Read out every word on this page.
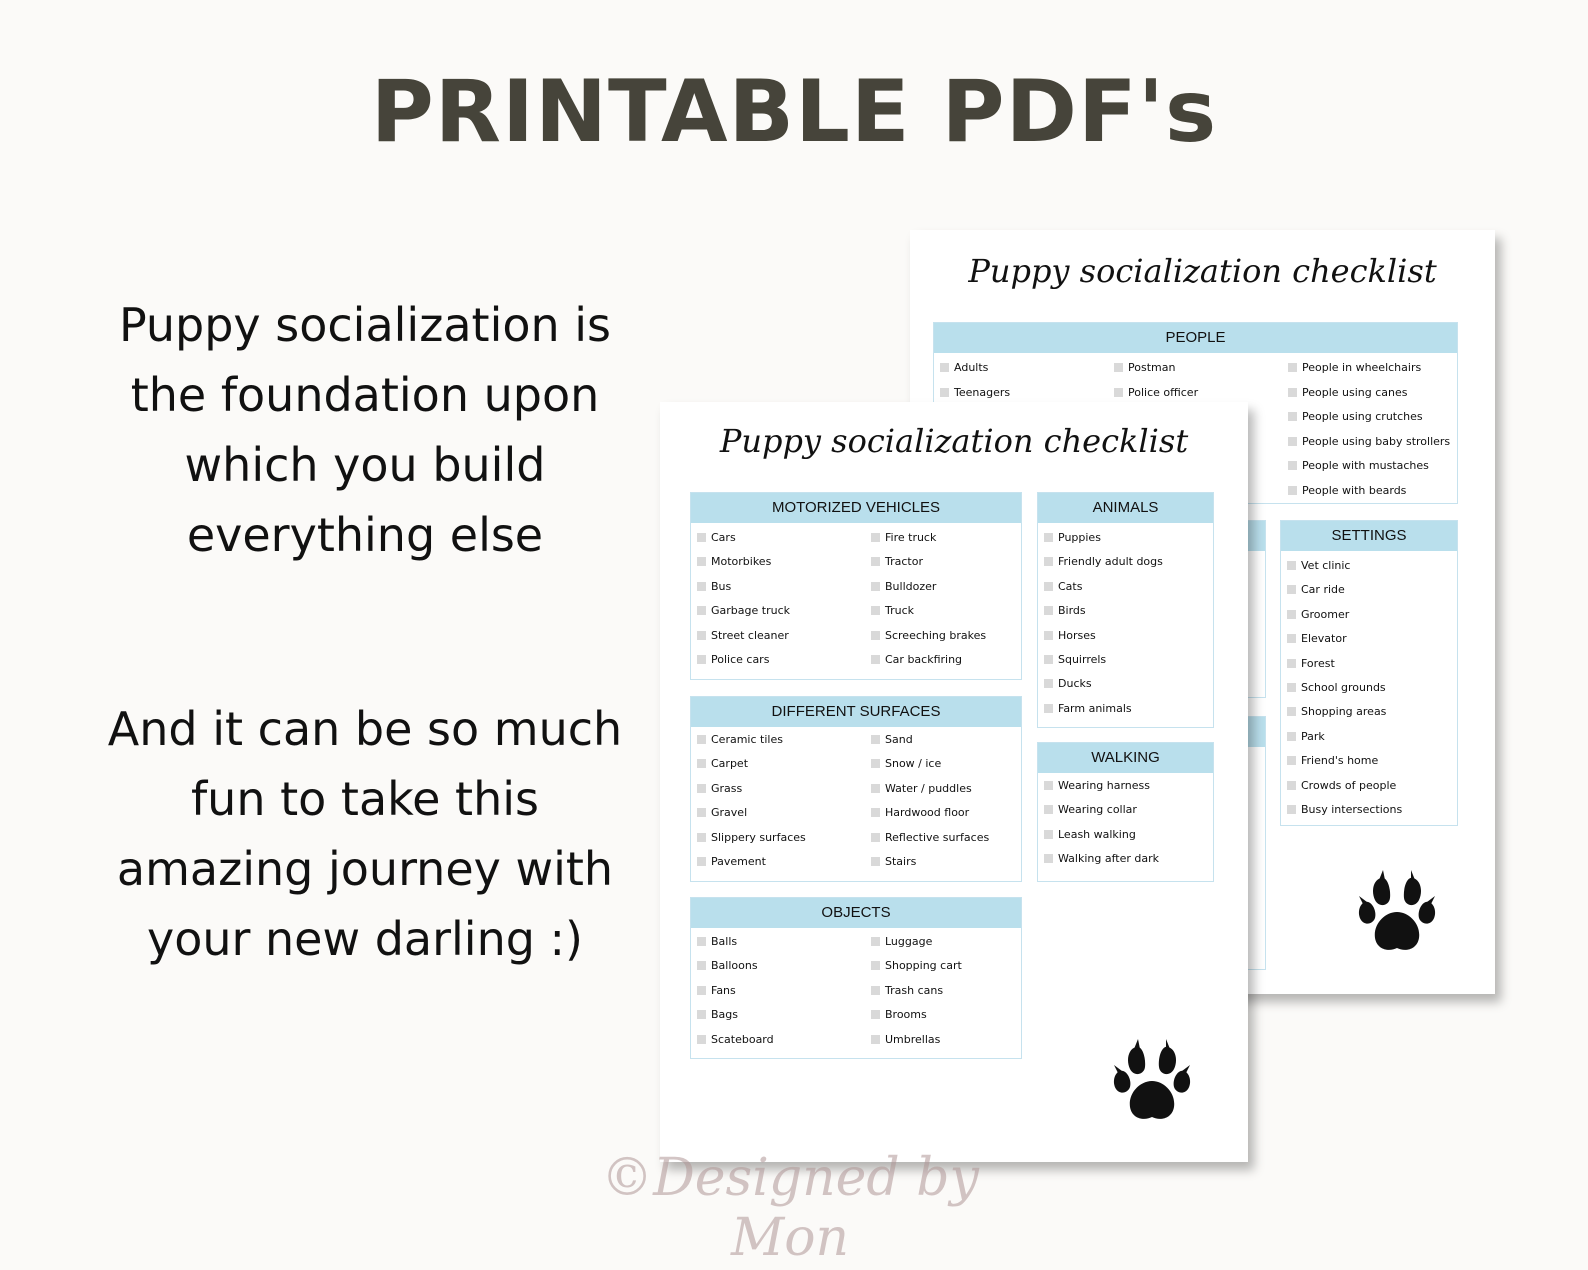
PRINTABLE PDF's
Puppy socialization is
the foundation upon
which you build
everything else
And it can be so much
fun to take this
amazing journey with
your new darling :)
Puppy socialization checklist
PEOPLE
Adults
Teenagers
Postman
Police officer
People in wheelchairs
People using canes
People using crutches
People using baby strollers
People with mustaches
People with beards
SETTINGS
Vet clinic
Car ride
Groomer
Elevator
Forest
School grounds
Shopping areas
Park
Friend's home
Crowds of people
Busy intersections
Puppy socialization checklist
MOTORIZED VEHICLES
Cars
Motorbikes
Bus
Garbage truck
Street cleaner
Police cars
Fire truck
Tractor
Bulldozer
Truck
Screeching brakes
Car backfiring
ANIMALS
Puppies
Friendly adult dogs
Cats
Birds
Horses
Squirrels
Ducks
Farm animals
DIFFERENT SURFACES
Ceramic tiles
Carpet
Grass
Gravel
Slippery surfaces
Pavement
Sand
Snow / ice
Water / puddles
Hardwood floor
Reflective surfaces
Stairs
WALKING
Wearing harness
Wearing collar
Leash walking
Walking after dark
OBJECTS
Balls
Balloons
Fans
Bags
Scateboard
Luggage
Shopping cart
Trash cans
Brooms
Umbrellas
©Designed by Mon
